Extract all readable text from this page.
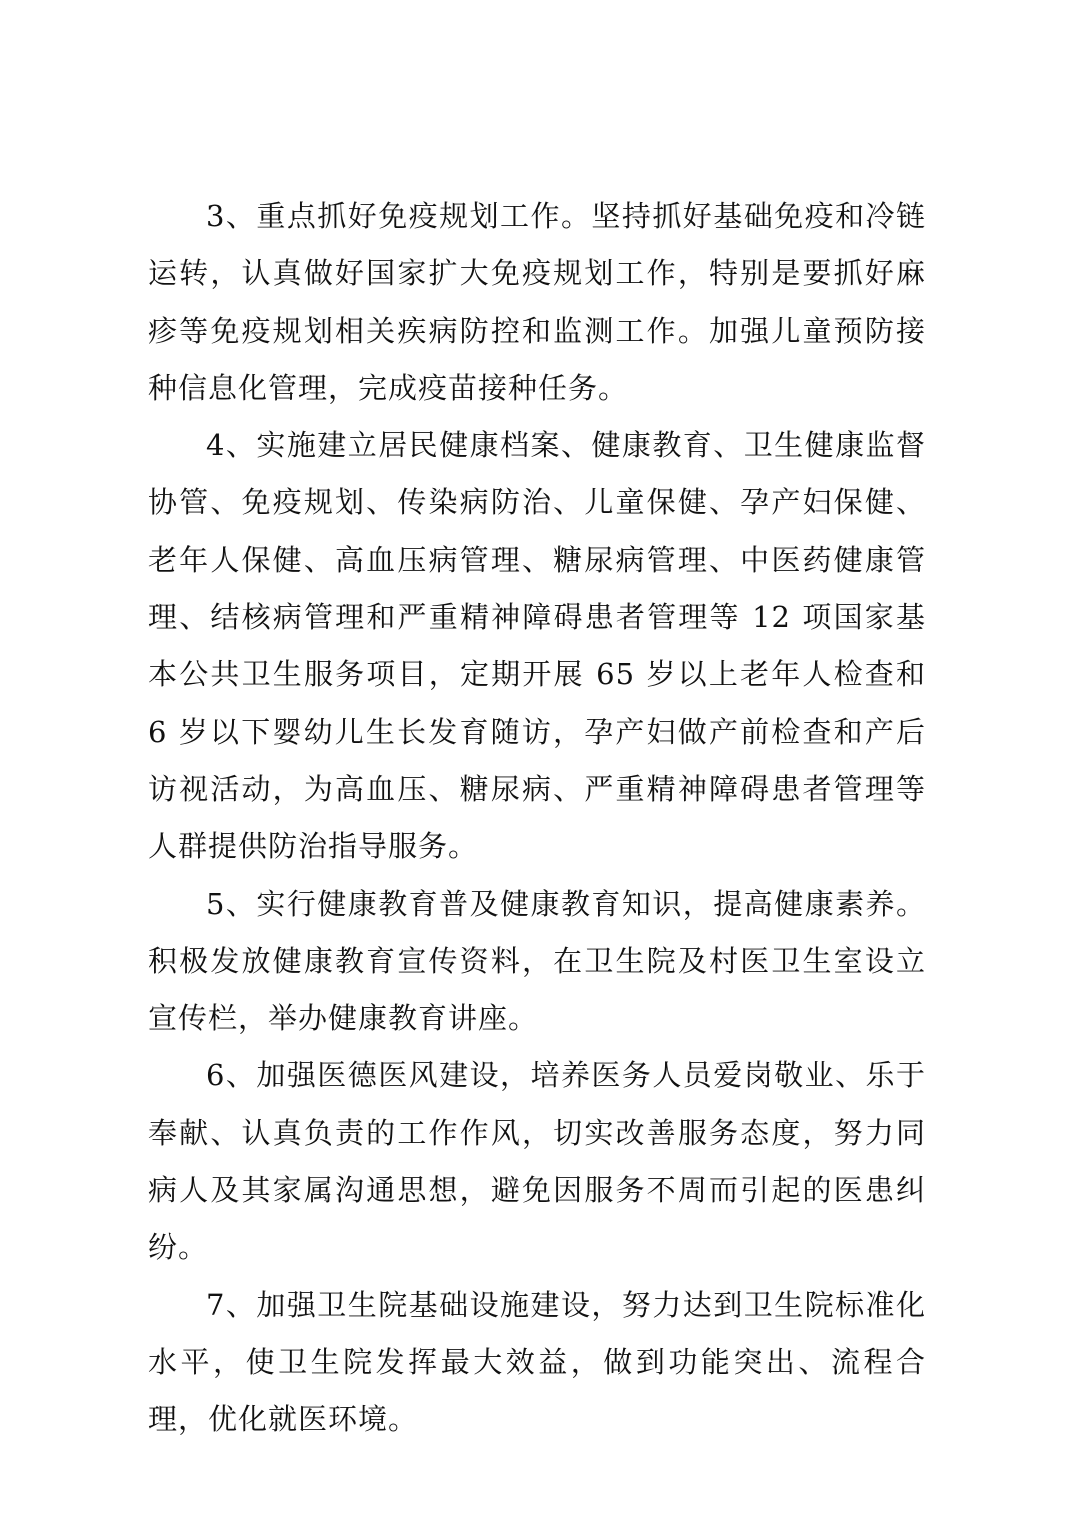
3、重点抓好免疫规划工作。坚持抓好基础免疫和冷链运转，认真做好国家扩大免疫规划工作，特别是要抓好麻疹等免疫规划相关疾病防控和监测工作。加强儿童预防接种信息化管理，完成疫苗接种任务。

4、实施建立居民健康档案、健康教育、卫生健康监督协管、免疫规划、传染病防治、儿童保健、孕产妇保健、老年人保健、高血压病管理、糖尿病管理、中医药健康管理、结核病管理和严重精神障碍患者管理等 12 项国家基本公共卫生服务项目，定期开展 65 岁以上老年人检查和 6 岁以下婴幼儿生长发育随访，孕产妇做产前检查和产后访视活动，为高血压、糖尿病、严重精神障碍患者管理等人群提供防治指导服务。

5、实行健康教育普及健康教育知识，提高健康素养。积极发放健康教育宣传资料，在卫生院及村医卫生室设立宣传栏，举办健康教育讲座。

6、加强医德医风建设，培养医务人员爱岗敬业、乐于奉献、认真负责的工作作风，切实改善服务态度，努力同病人及其家属沟通思想，避免因服务不周而引起的医患纠纷。

7、加强卫生院基础设施建设，努力达到卫生院标准化水平，使卫生院发挥最大效益，做到功能突出、流程合理，优化就医环境。
